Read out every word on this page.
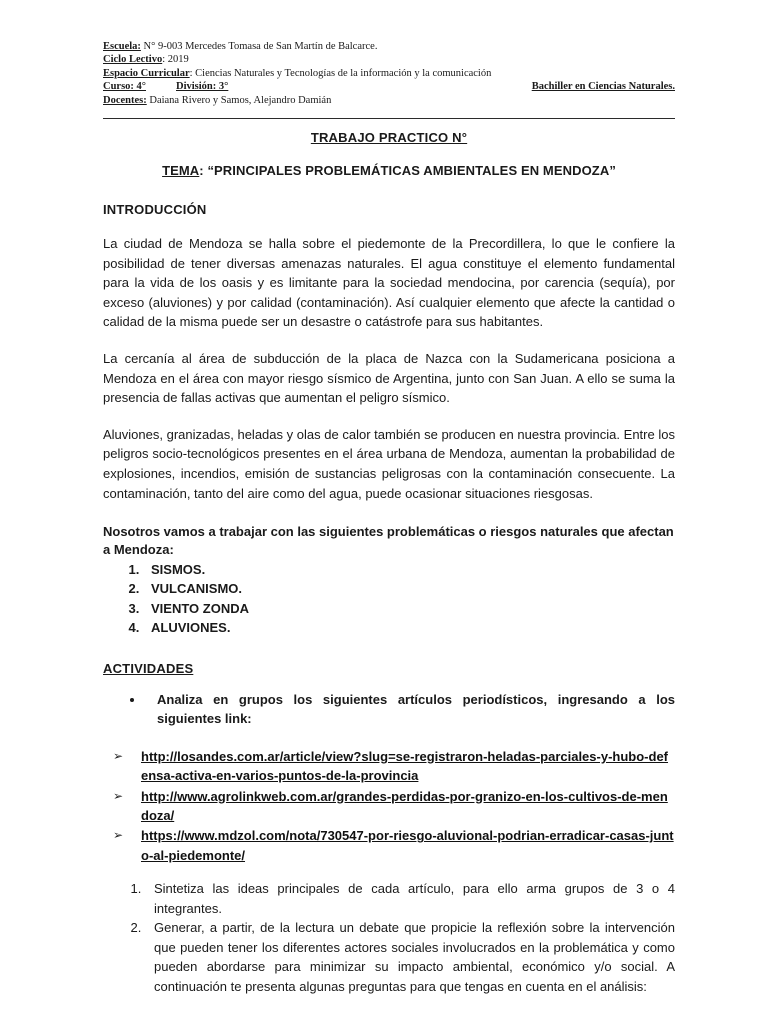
Escuela: N° 9-003 Mercedes Tomasa de San Martín de Balcarce.
Ciclo Lectivo: 2019
Espacio Curricular: Ciencias Naturales y Tecnologías de la información y la comunicación
Curso: 4°	División: 3°	Bachiller en Ciencias Naturales.
Docentes: Daiana Rivero y Samos, Alejandro Damián
TRABAJO PRACTICO N°
TEMA: “PRINCIPALES PROBLEMÁTICAS AMBIENTALES EN MENDOZA”
INTRODUCCIÓN

La ciudad de Mendoza se halla sobre el piedemonte de la Precordillera, lo que le confiere la posibilidad de tener diversas amenazas naturales. El agua constituye el elemento fundamental para la vida de los oasis y es limitante para la sociedad mendocina, por carencia (sequía), por exceso (aluviones) y por calidad (contaminación). Así cualquier elemento que afecte la cantidad o calidad de la misma puede ser un desastre o catástrofe para sus habitantes.

La cercanía al área de subducción de la placa de Nazca con la Sudamericana posiciona a Mendoza en el área con mayor riesgo sísmico de Argentina, junto con San Juan. A ello se suma la presencia de fallas activas que aumentan el peligro sísmico.

Aluviones, granizadas, heladas y olas de calor también se producen en nuestra provincia. Entre los peligros socio-tecnológicos presentes en el área urbana de Mendoza, aumentan la probabilidad de explosiones, incendios, emisión de sustancias peligrosas con la contaminación consecuente. La contaminación, tanto del aire como del agua, puede ocasionar situaciones riesgosas.

Nosotros vamos a trabajar con las siguientes problemáticas o riesgos naturales que afectan a Mendoza:

1. SISMOS.
2. VULCANISMO.
3. VIENTO ZONDA
4. ALUVIONES.
ACTIVIDADES
• Analiza en grupos los siguientes artículos periodísticos, ingresando a los siguientes link:
➢ http://losandes.com.ar/article/view?slug=se-registraron-heladas-parciales-y-hubo-defensa-activa-en-varios-puntos-de-la-provincia
➢ http://www.agrolinkweb.com.ar/grandes-perdidas-por-granizo-en-los-cultivos-de-mendoza/
➢ https://www.mdzol.com/nota/730547-por-riesgo-aluvional-podrian-erradicar-casas-junto-al-piedemonte/
1. Sintetiza las ideas principales de cada artículo, para ello arma grupos de 3 o 4 integrantes.
2. Generar, a partir, de la lectura un debate que propicie la reflexión sobre la intervención que pueden tener los diferentes actores sociales involucrados en la problemática y como pueden abordarse para minimizar su impacto ambiental, económico y/o social. A continuación te presenta algunas preguntas para que tengas en cuenta en el análisis:
